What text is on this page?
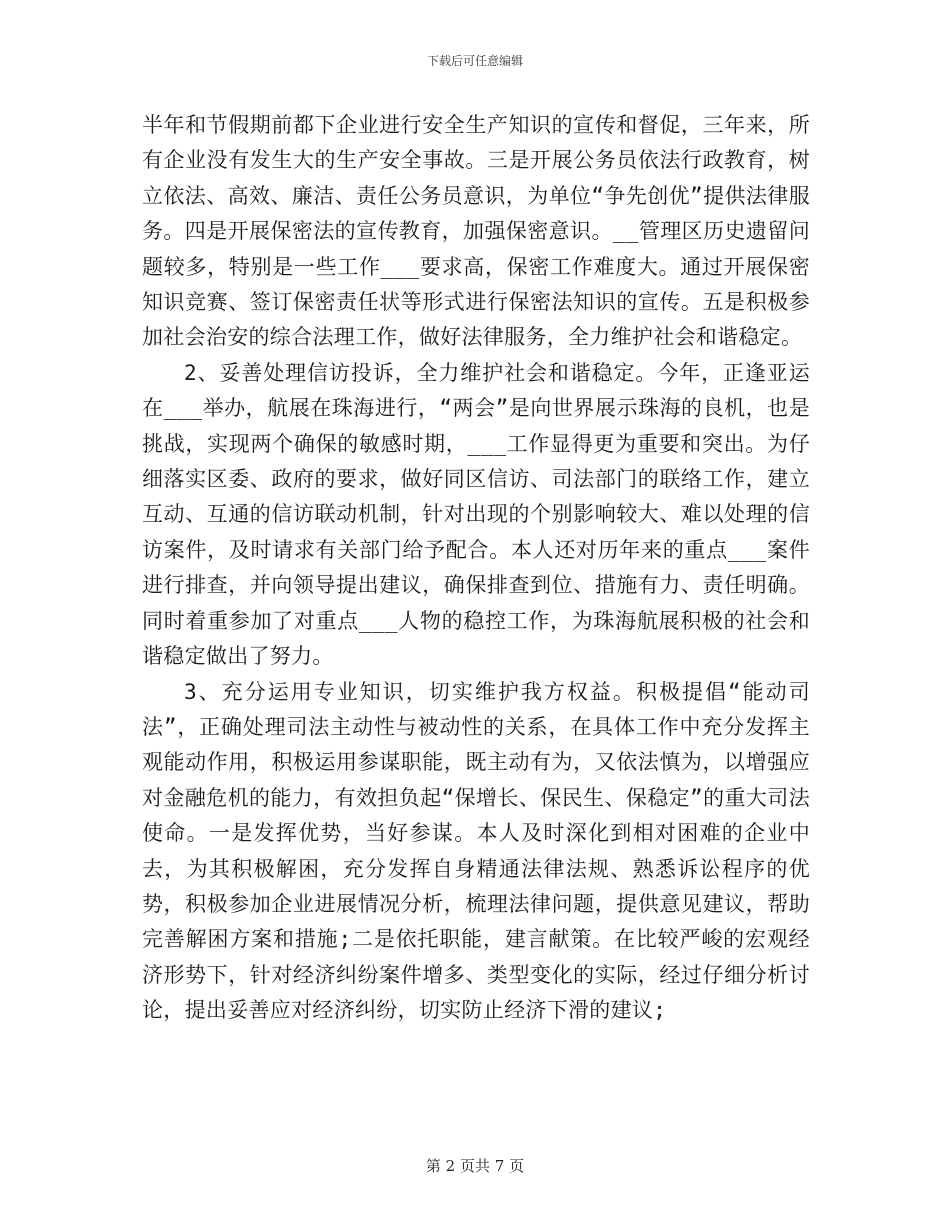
下载后可任意编辑

半年和节假期前都下企业进行安全生产知识的宣传和督促，三年来，所有企业没有发生大的生产安全事故。三是开展公务员依法行政教育，树立依法、高效、廉洁、责任公务员意识，为单位“争先创优”提供法律服务。四是开展保密法的宣传教育，加强保密意识。__管理区历史遗留问题较多，特别是一些工作___要求高，保密工作难度大。通过开展保密知识竞赛、签订保密责任状等形式进行保密法知识的宣传。五是积极参加社会治安的综合法理工作，做好法律服务，全力维护社会和谐稳定。

2、妥善处理信访投诉，全力维护社会和谐稳定。今年，正逢亚运在___举办，航展在珠海进行，“两会”是向世界展示珠海的良机，也是挑战，实现两个确保的敏感时期，___工作显得更为重要和突出。为仔细落实区委、政府的要求，做好同区信访、司法部门的联络工作，建立互动、互通的信访联动机制，针对出现的个别影响较大、难以处理的信访案件，及时请求有关部门给予配合。本人还对历年来的重点___案件进行排查，并向领导提出建议，确保排查到位、措施有力、责任明确。同时着重参加了对重点___人物的稳控工作，为珠海航展积极的社会和谐稳定做出了努力。

3、充分运用专业知识，切实维护我方权益。积极提倡“能动司法”，正确处理司法主动性与被动性的关系，在具体工作中充分发挥主观能动作用，积极运用参谋职能，既主动有为，又依法慎为，以增强应对金融危机的能力，有效担负起“保增长、保民生、保稳定”的重大司法使命。一是发挥优势，当好参谋。本人及时深化到相对困难的企业中去，为其积极解困，充分发挥自身精通法律法规、熟悉诉讼程序的优势，积极参加企业进展情况分析，梳理法律问题，提供意见建议，帮助完善解困方案和措施;二是依托职能，建言献策。在比较严峻的宏观经济形势下，针对经济纠纷案件增多、类型变化的实际，经过仔细分析讨论，提出妥善应对经济纠纷，切实防止经济下滑的建议;

第 2 页共 7 页
